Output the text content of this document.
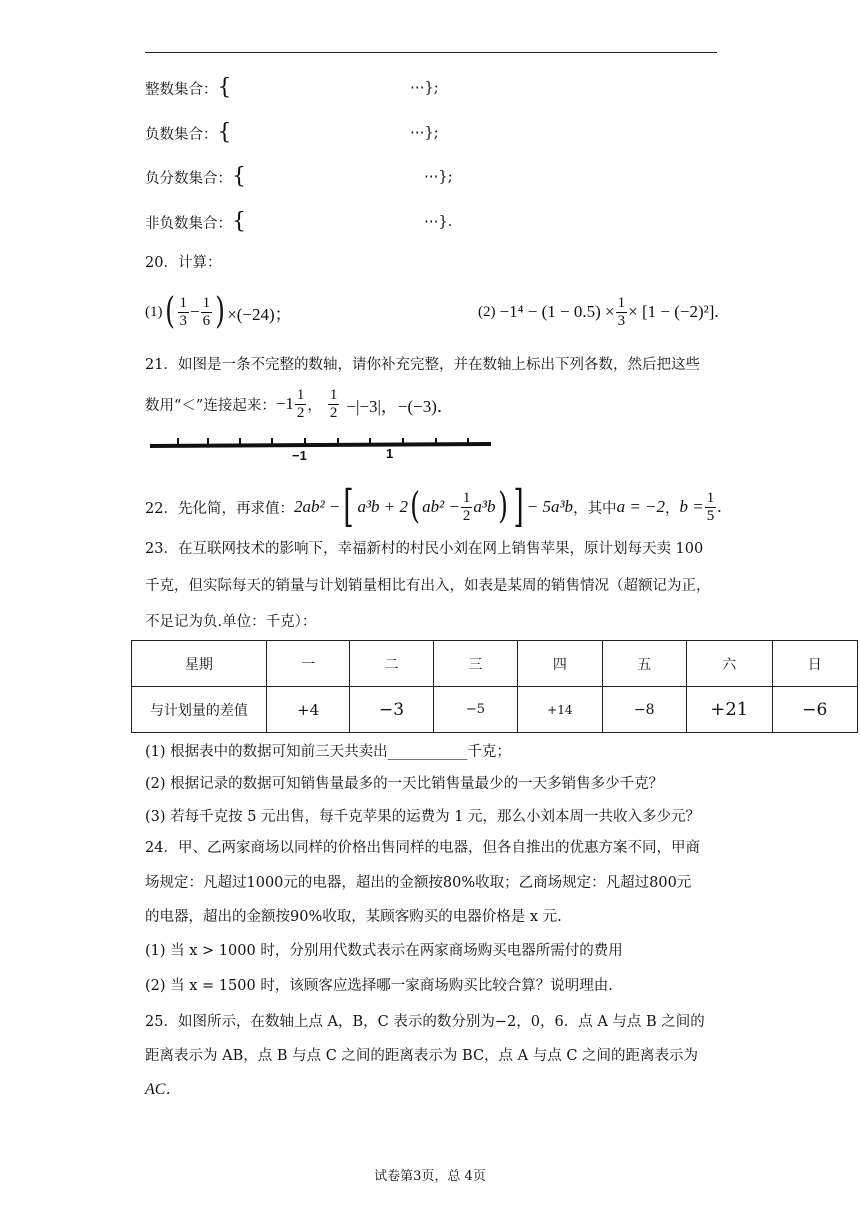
整数集合：{	⋯};
负数集合：{	⋯};
负分数集合：{	⋯};
非负数集合：{	⋯}.
20．计算：
(1) ( $\frac{1}{3} - \frac{1}{6}$ ) ×(−24)；	$(2) -1^4 - (1 - 0.5) \times \frac{1}{3} \times [1 - (-2)^2]$.
21．如图是一条不完整的数轴，请你补充完整，并在数轴上标出下列各数，然后把这些
数用“＜”连接起来： $-1 \frac{1}{2}$ ， $\frac{1}{2} -|-3|$，−(−3)．
−1	1
22．先化简，再求值： 2ab² − [ a³b + 2 ( $ab^2 - \frac{1}{2} a^3b$ ) ] − 5a³b ，其中 a = −2 ， $b = \frac{1}{5}$ .
23．在互联网技术的影响下，幸福新村的村民小刘在网上销售苹果，原计划每天卖 100
千克，但实际每天的销量与计划销量相比有出入，如表是某周的销售情况（超额记为正，
不足记为负.单位：千克）：
星期	一	二	三	四	五	六	日
与计划量的差值	+4	−3	−5	+14	−8	+21	−6
(1) 根据表中的数据可知前三天共卖出___________千克；
(2) 根据记录的数据可知销售量最多的一天比销售量最少的一天多销售多少千克？
(3) 若每千克按 5 元出售，每千克苹果的运费为 1 元，那么小刘本周一共收入多少元？
24．甲、乙两家商场以同样的价格出售同样的电器，但各自推出的优惠方案不同，甲商
场规定：凡超过1000元的电器，超出的金额按80%收取；乙商场规定：凡超过800元
的电器，超出的金额按90%收取，某顾客购买的电器价格是 x 元.
(1) 当 x > 1000 时，分别用代数式表示在两家商场购买电器所需付的费用
(2) 当 x = 1500 时，该顾客应选择哪一家商场购买比较合算？说明理由.
25．如图所示，在数轴上点 A，B，C 表示的数分别为−2，0，6．点 A 与点 B 之间的
距离表示为 AB，点 B 与点 C 之间的距离表示为 BC，点 A 与点 C 之间的距离表示为
AC．
试卷第3页，总 4页
